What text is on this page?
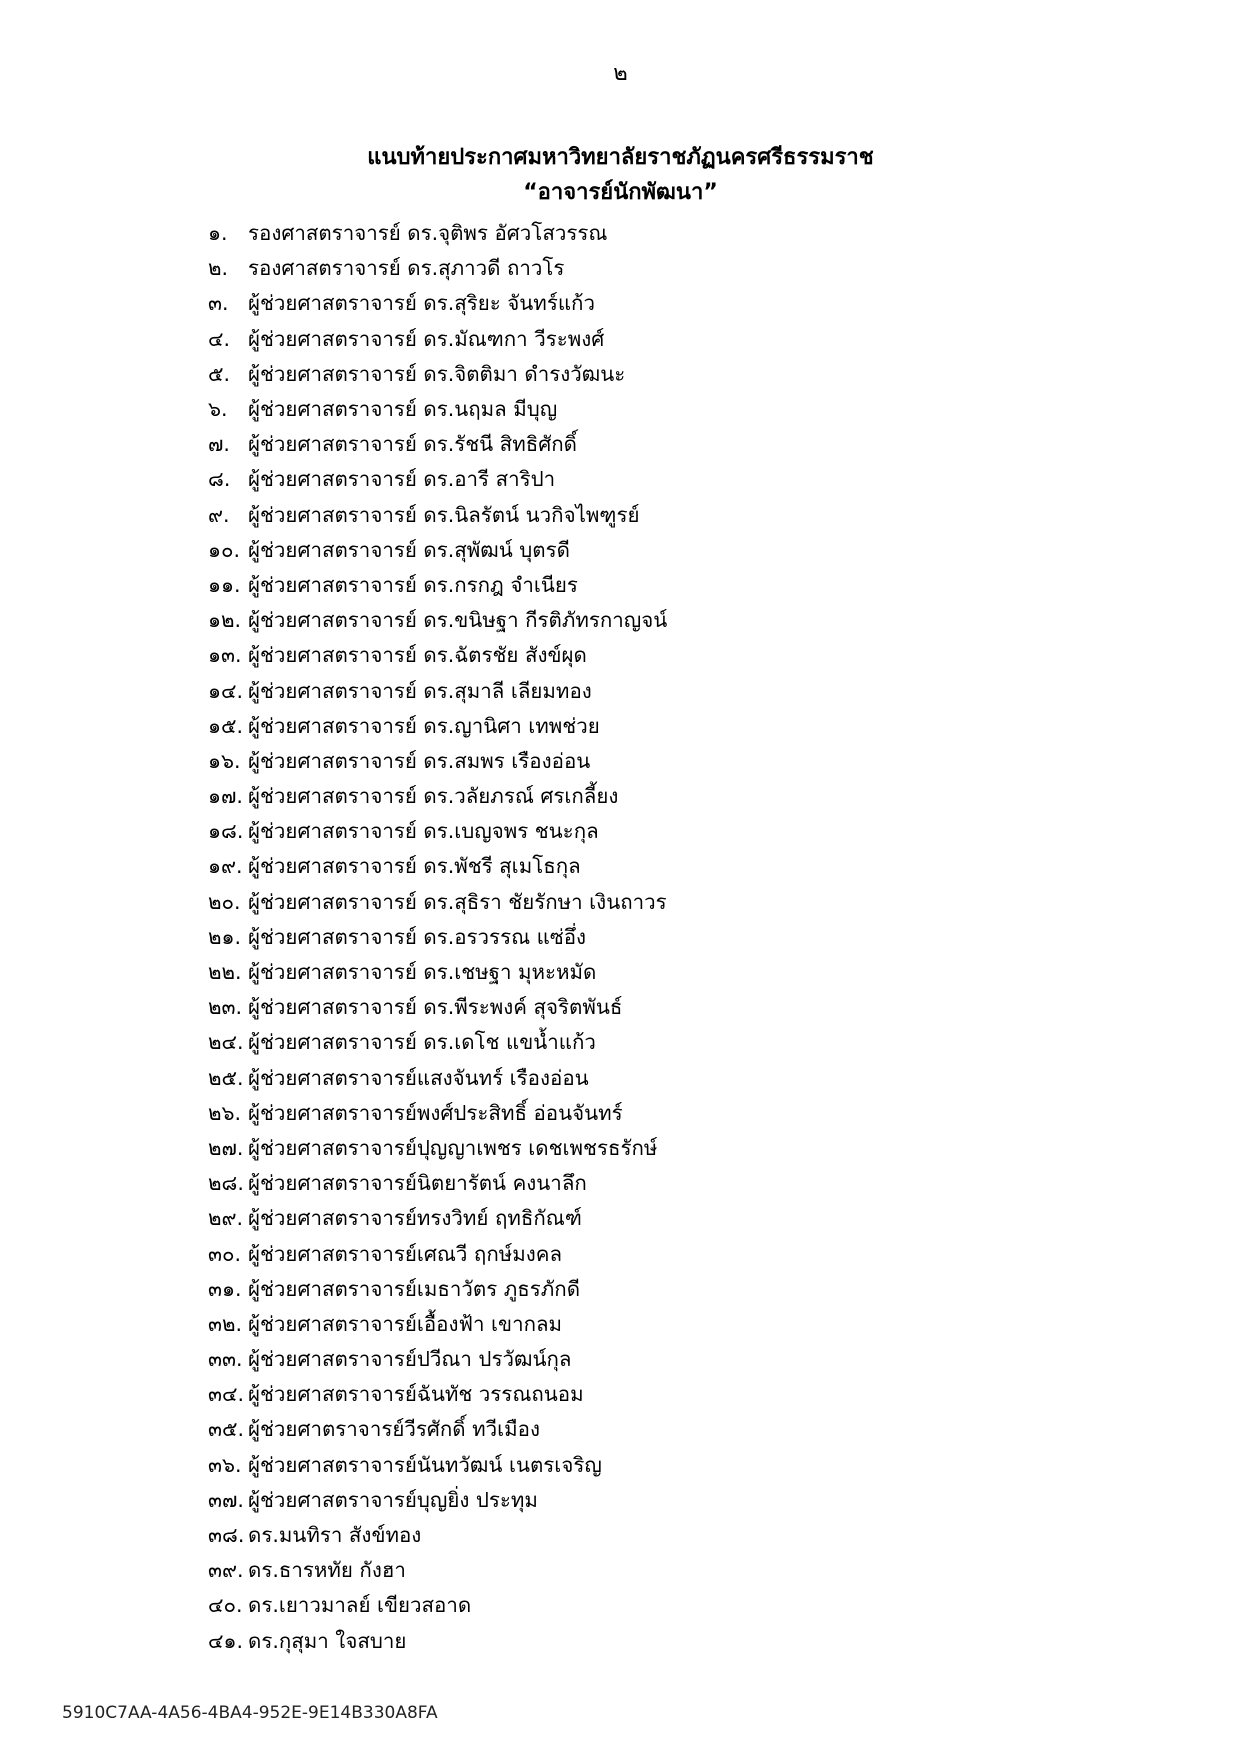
๒
แนบท้ายประกาศมหาวิทยาลัยราชภัฏนครศรีธรรมราช
“อาจารย์นักพัฒนา”
๑. รองศาสตราจารย์ ดร.จุติพร อัศวโสวรรณ
๒. รองศาสตราจารย์ ดร.สุภาวดี ถาวโร
๓. ผู้ช่วยศาสตราจารย์ ดร.สุริยะ จันทร์แก้ว
๔. ผู้ช่วยศาสตราจารย์ ดร.มัณฑกา วีระพงศ์
๕. ผู้ช่วยศาสตราจารย์ ดร.จิตติมา ดำรงวัฒนะ
๖. ผู้ช่วยศาสตราจารย์ ดร.นฤมล มีบุญ
๗. ผู้ช่วยศาสตราจารย์ ดร.รัชนี สิทธิศักดิ์
๘. ผู้ช่วยศาสตราจารย์ ดร.อารี สาริปา
๙. ผู้ช่วยศาสตราจารย์ ดร.นิลรัตน์ นวกิจไพฑูรย์
๑๐. ผู้ช่วยศาสตราจารย์ ดร.สุพัฒน์ บุตรดี
๑๑. ผู้ช่วยศาสตราจารย์ ดร.กรกฎ จำเนียร
๑๒. ผู้ช่วยศาสตราจารย์ ดร.ขนิษฐา กีรติภัทรกาญจน์
๑๓. ผู้ช่วยศาสตราจารย์ ดร.ฉัตรชัย สังข์ผุด
๑๔. ผู้ช่วยศาสตราจารย์ ดร.สุมาลี เลียมทอง
๑๕. ผู้ช่วยศาสตราจารย์ ดร.ญานิศา เทพช่วย
๑๖. ผู้ช่วยศาสตราจารย์ ดร.สมพร เรืองอ่อน
๑๗. ผู้ช่วยศาสตราจารย์ ดร.วลัยภรณ์ ศรเกลี้ยง
๑๘. ผู้ช่วยศาสตราจารย์ ดร.เบญจพร ชนะกุล
๑๙. ผู้ช่วยศาสตราจารย์ ดร.พัชรี สุเมโธกุล
๒๐. ผู้ช่วยศาสตราจารย์ ดร.สุธิรา ชัยรักษา เงินถาวร
๒๑. ผู้ช่วยศาสตราจารย์ ดร.อรวรรณ แซ่อึ่ง
๒๒. ผู้ช่วยศาสตราจารย์ ดร.เชษฐา มุหะหมัด
๒๓. ผู้ช่วยศาสตราจารย์ ดร.พีระพงค์ สุจริตพันธ์
๒๔. ผู้ช่วยศาสตราจารย์ ดร.เดโช แขน้ำแก้ว
๒๕. ผู้ช่วยศาสตราจารย์แสงจันทร์ เรืองอ่อน
๒๖. ผู้ช่วยศาสตราจารย์พงศ์ประสิทธิ์ อ่อนจันทร์
๒๗. ผู้ช่วยศาสตราจารย์ปุญญาเพชร เดชเพชรธรักษ์
๒๘. ผู้ช่วยศาสตราจารย์นิตยารัตน์ คงนาลึก
๒๙. ผู้ช่วยศาสตราจารย์ทรงวิทย์ ฤทธิกัณฑ์
๓๐. ผู้ช่วยศาสตราจารย์เศณวี ฤกษ์มงคล
๓๑. ผู้ช่วยศาสตราจารย์เมธาวัตร ภูธรภักดี
๓๒. ผู้ช่วยศาสตราจารย์เอื้องฟ้า เขากลม
๓๓. ผู้ช่วยศาสตราจารย์ปวีณา ปรวัฒน์กุล
๓๔. ผู้ช่วยศาสตราจารย์ฉันทัช วรรณถนอม
๓๕. ผู้ช่วยศาตราจารย์วีรศักดิ์ ทวีเมือง
๓๖. ผู้ช่วยศาสตราจารย์นันทวัฒน์ เนตรเจริญ
๓๗. ผู้ช่วยศาสตราจารย์บุญยิ่ง ประทุม
๓๘. ดร.มนทิรา สังข์ทอง
๓๙. ดร.ธารหทัย กังฮา
๔๐. ดร.เยาวมาลย์ เขียวสอาด
๔๑. ดร.กุสุมา ใจสบาย
5910C7AA-4A56-4BA4-952E-9E14B330A8FA
